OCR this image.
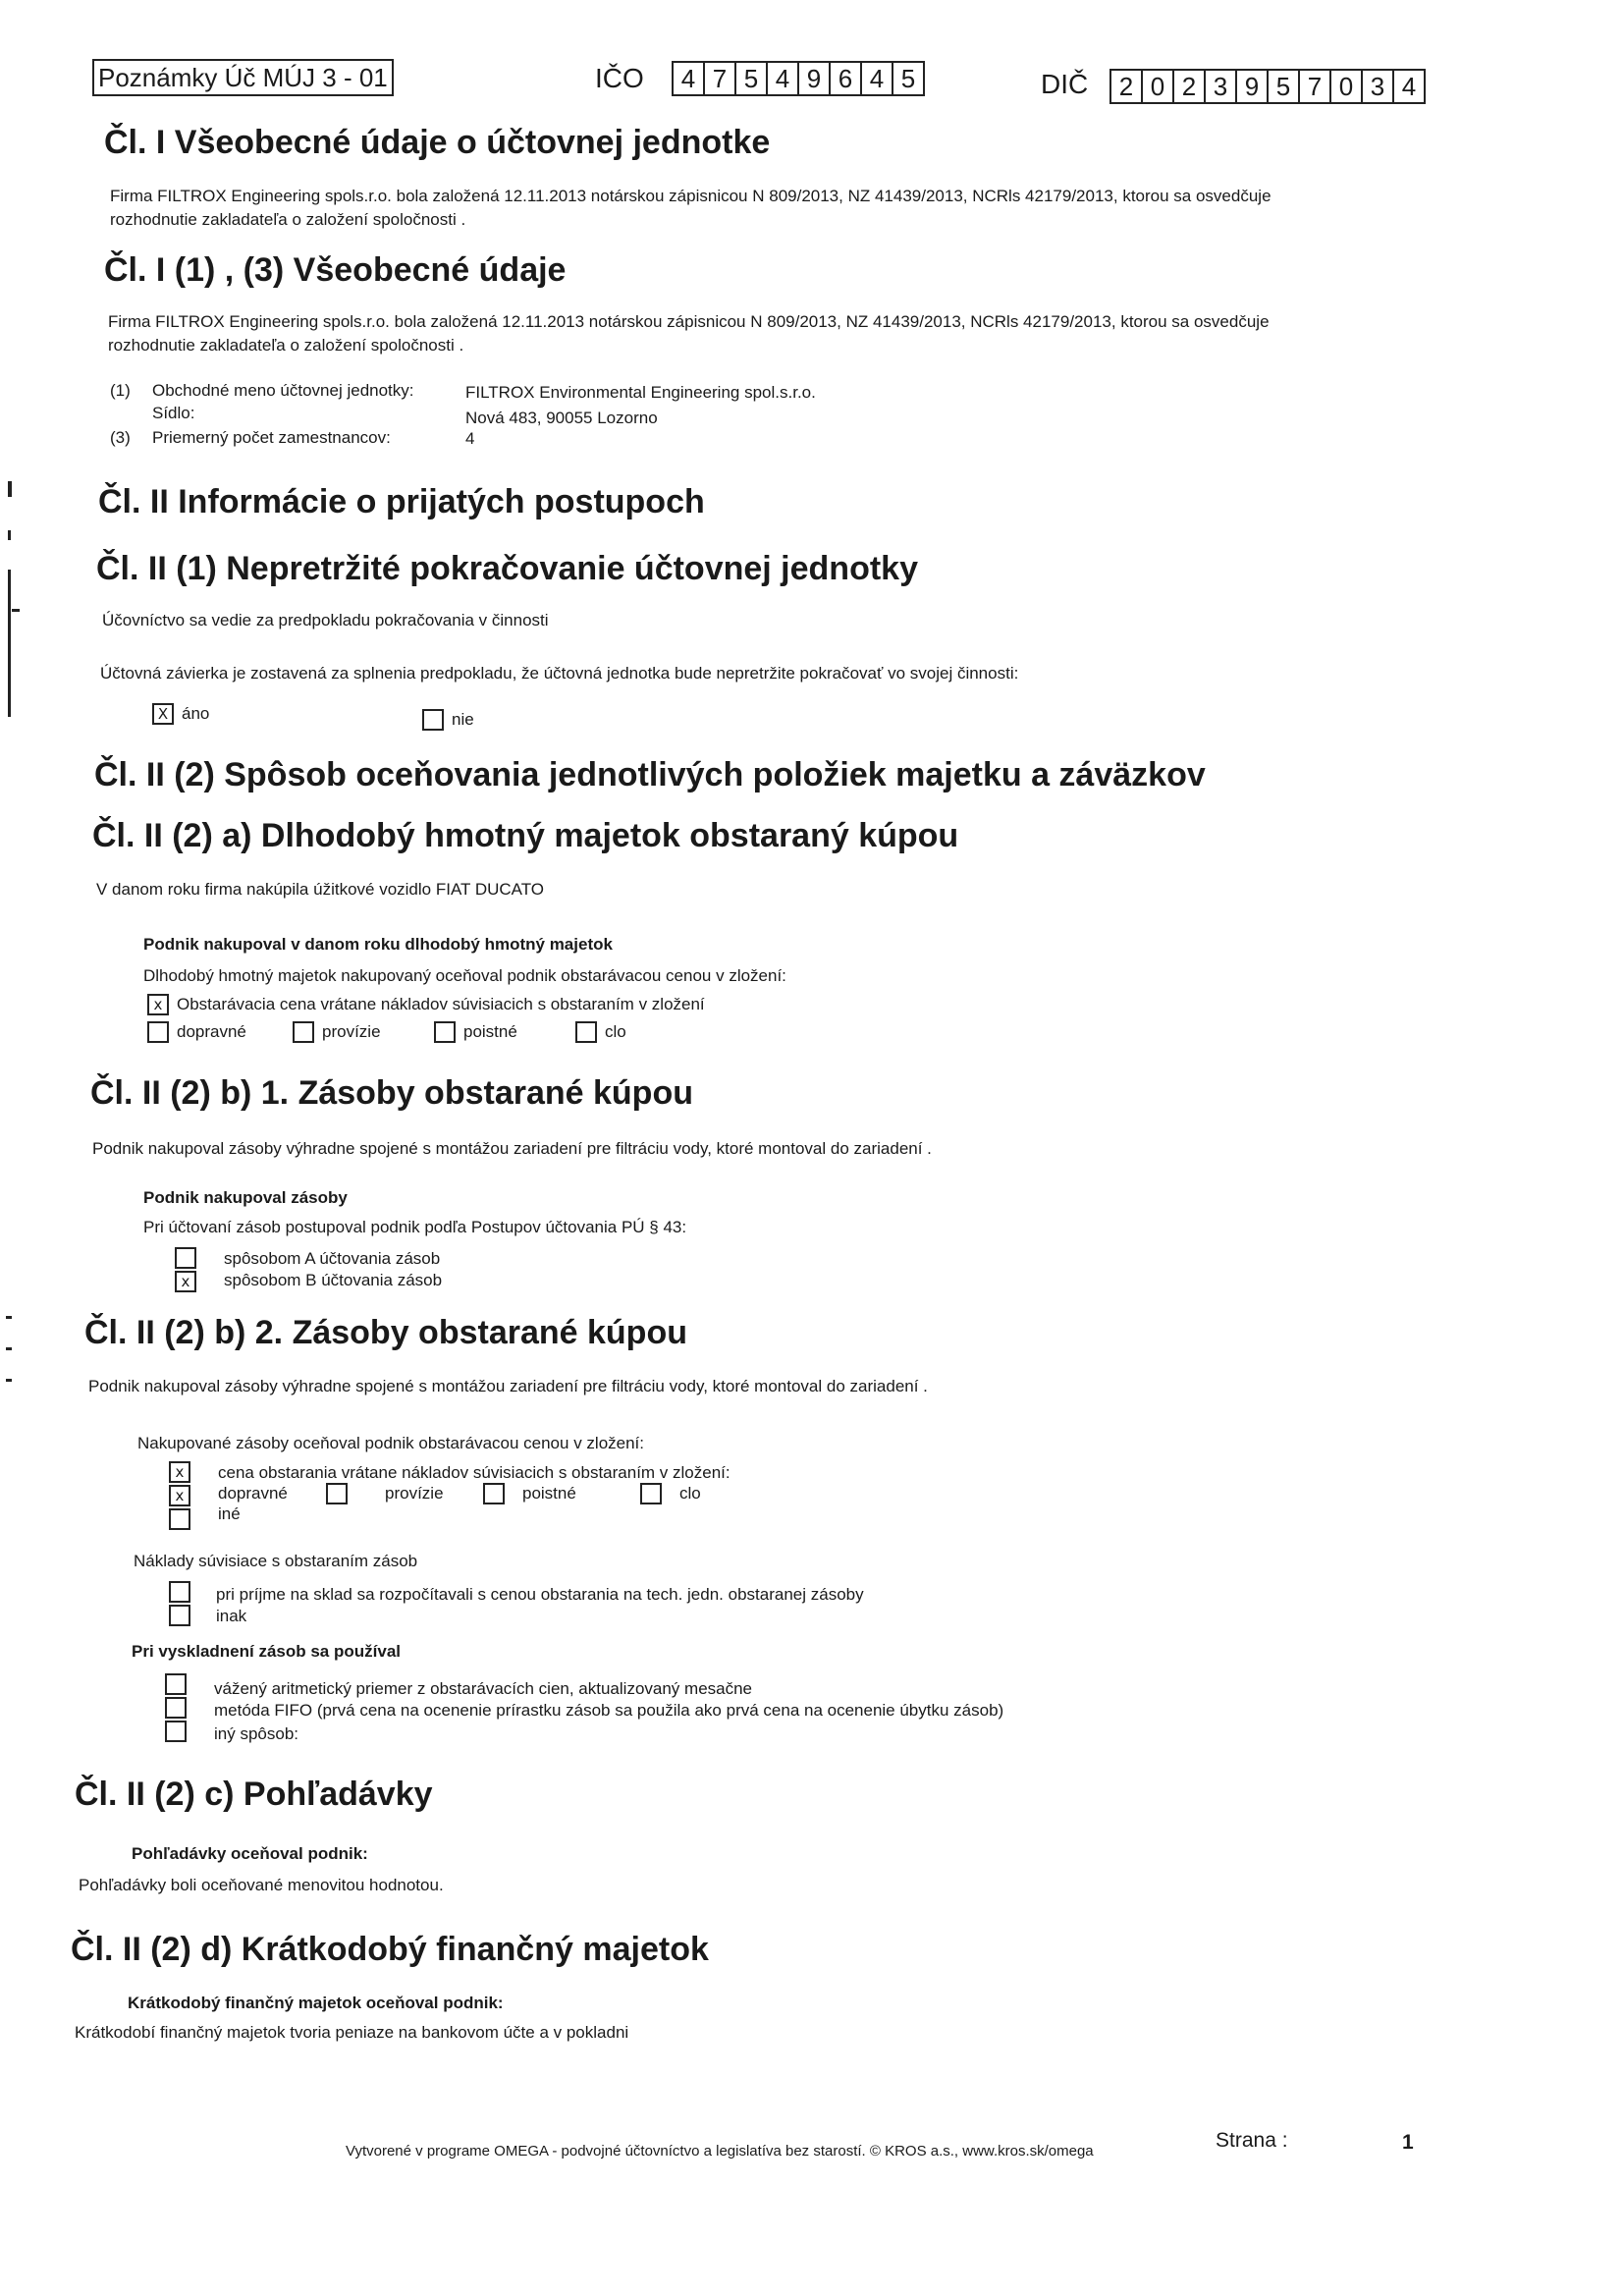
Poznámky Úč MÚJ 3 - 01	IČO 4 7 5 4 9 6 4 5	DIČ 2 0 2 3 9 5 7 0 3 4
Čl. I Všeobecné údaje o účtovnej jednotke
Firma FILTROX Engineering spols.r.o. bola založená 12.11.2013 notárskou zápisnicou N 809/2013, NZ 41439/2013, NCRls 42179/2013, ktorou sa osvedčuje
rozhodnutie zakladateľa o založení spoločnosti .
Čl. I (1) , (3) Všeobecné údaje
Firma FILTROX Engineering spols.r.o. bola založená 12.11.2013 notárskou zápisnicou N 809/2013, NZ 41439/2013, NCRls 42179/2013, ktorou sa osvedčuje
rozhodnutie zakladateľa o založení spoločnosti .
(1) Obchodné meno účtovnej jednotky:	FILTROX Environmental Engineering spol.s.r.o.
Sídlo:	Nová 483, 90055 Lozorno
(3) Priemerný počet zamestnancov:	4
Čl. II Informácie o prijatých postupoch
Čl. II (1) Nepretržité pokračovanie účtovnej jednotky
Účovníctvo sa vedie za predpokladu pokračovania v činnosti
Účtovná závierka je zostavená za splnenia predpokladu, že účtovná jednotka bude nepretržite pokračovať vo svojej činnosti:
X áno	nie
Čl. II (2) Spôsob oceňovania jednotlivých položiek majetku a záväzkov
Čl. II (2) a) Dlhodobý hmotný majetok obstaraný kúpou
V danom roku firma nakúpila úžitkové vozidlo FIAT DUCATO
Podnik nakupoval v danom roku dlhodobý hmotný majetok
Dlhodobý hmotný majetok nakupovaný oceňoval podnik obstarávacou cenou v zložení:
x Obstarávacia cena vrátane nákladov súvisiacich s obstaraním v zložení
dopravné	provízie	poistné	clo
Čl. II (2) b) 1. Zásoby obstarané kúpou
Podnik nakupoval zásoby výhradne spojené s montážou zariadení pre filtráciu vody, ktoré montoval do zariadení .
Podnik nakupoval zásoby
Pri účtovaní zásob postupoval podnik podľa Postupov účtovania PÚ § 43:
x
spôsobom A účtovania zásob
spôsobom B účtovania zásob
Čl. II (2) b) 2. Zásoby obstarané kúpou
Podnik nakupoval zásoby výhradne spojené s montážou zariadení pre filtráciu vody, ktoré montoval do zariadení .
Nakupované zásoby oceňoval podnik obstarávacou cenou v zložení:
x
x
cena obstarania vrátane nákladov súvisiacich s obstaraním v zložení:
dopravné	provízie	poistné	clo
iné
Náklady súvisiace s obstaraním zásob
pri príjme na sklad sa rozpočítavali s cenou obstarania na tech. jedn. obstaranej zásoby
inak
Pri vyskladnení zásob sa používal
vážený aritmetický priemer z obstarávacích cien, aktualizovaný mesačne
metóda FIFO (prvá cena na ocenenie prírastku zásob sa použila ako prvá cena na ocenenie úbytku zásob)
iný spôsob:
Čl. II (2) c) Pohľadávky
Pohľadávky oceňoval podnik:
Pohľadávky boli oceňované menovitou hodnotou.
Čl. II (2) d) Krátkodobý finančný majetok
Krátkodobý finančný majetok oceňoval podnik:
Krátkodobí finančný majetok tvoria peniaze na bankovom účte a v pokladni
Strana :	1
Vytvorené v programe OMEGA - podvojné účtovníctvo a legislatíva bez starostí. © KROS a.s., www.kros.sk/omega
